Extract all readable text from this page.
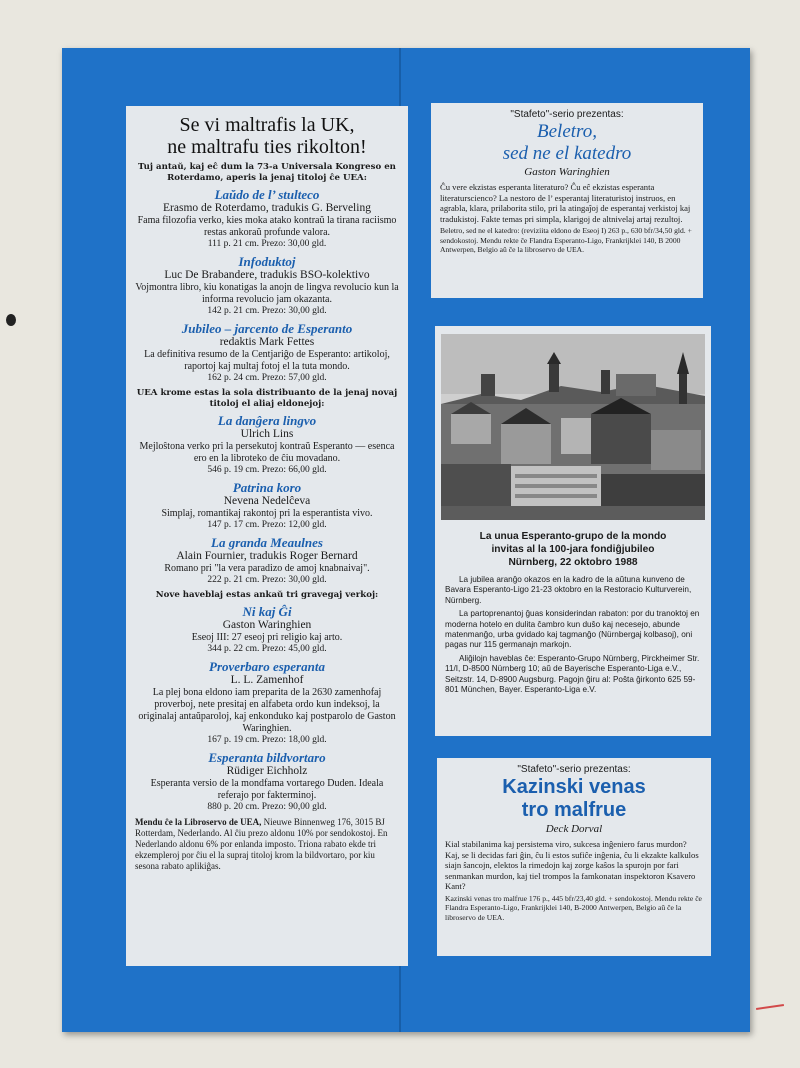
Se vi maltrafis la UK,
ne maltrafu ties rikolton!
Tuj antaŭ, kaj eĉ dum la 73-a Universala Kongreso en Roterdamo, aperis la jenaj titoloj ĉe UEA:
Laŭdo de l’ stulteco
Erasmo de Roterdamo, tradukis G. Berveling
Fama filozofia verko, kies moka atako kontraŭ la tirana raciismo restas ankoraŭ profunde valora.
111 p. 21 cm. Prezo: 30,00 gld.
Infoduktoj
Luc De Brabandere, tradukis BSO-kolektivo
Vojmontra libro, kiu konatigas la anojn de lingva revolucio kun la informa revolucio jam okazanta.
142 p. 21 cm. Prezo: 30,00 gld.
Jubileo – jarcento de Esperanto
redaktis Mark Fettes
La definitiva resumo de la Centjariĝo de Esperanto: artikoloj, raportoj kaj multaj fotoj el la tuta mondo.
162 p. 24 cm. Prezo: 57,00 gld.
UEA krome estas la sola distribuanto de la jenaj novaj titoloj el aliaj eldonejoj:
La danĝera lingvo
Ulrich Lins
Mejloŝtona verko pri la persekutoj kontraŭ Esperanto — esenca ero en la libroteko de ĉiu movadano.
546 p. 19 cm. Prezo: 66,00 gld.
Patrina koro
Nevena Nedelĉeva
Simplaj, romantikaj rakontoj pri la esperantista vivo.
147 p. 17 cm. Prezo: 12,00 gld.
La granda Meaulnes
Alain Fournier, tradukis Roger Bernard
Romano pri "la vera paradizo de amoj knabnaivaj".
222 p. 21 cm. Prezo: 30,00 gld.
Nove haveblaj estas ankaŭ tri gravegaj verkoj:
Ni kaj Ĝi
Gaston Waringhien
Eseoj III: 27 eseoj pri religio kaj arto.
344 p. 22 cm. Prezo: 45,00 gld.
Proverbaro esperanta
L. L. Zamenhof
La plej bona eldono iam preparita de la 2630 zamenhofaj proverboj, nete presitaj en alfabeta ordo kun indeksoj, la originalaj antaŭparoloj, kaj enkonduko kaj postparolo de Gaston Waringhien.
167 p. 19 cm. Prezo: 18,00 gld.
Esperanta bildvortaro
Rüdiger Eichholz
Esperanta versio de la mondfama vortarego Duden. Ideala referajo por fakterminoj.
880 p. 20 cm. Prezo: 90,00 gld.
Mendu ĉe la Libroservo de UEA, Nieuwe Binnenweg 176, 3015 BJ Rotterdam, Nederlando. Al ĉiu prezo aldonu 10% por sendokostoj. En Nederlando aldonu 6% por enlanda imposto. Triona rabato ekde tri ekzempleroj por ĉiu el la supraj titoloj krom la bildvortaro, por kiu sesona rabato aplikiĝas.
"Stafeto"-serio prezentas:
Beletro,
sed ne el katedro
Gaston Waringhien
Ĉu vere ekzistas esperanta literaturo? Ĉu eĉ ekzistas esperanta literaturscienco? La nestoro de l’ esperantaj literaturistoj instruos, en agrabla, klara, prilaborita stilo, pri la atingaĵoj de esperantaj verkistoj kaj tradukistoj. Fakte temas pri simpla, klarigoj de altnivelaj artaj rezultoj.
Beletro, sed ne el katedro: (reviziita eldono de Eseoj I) 263 p., 630 bfr/34,50 gld. + sendokostoj. Mendu rekte ĉe Flandra Esperanto-Ligo, Frankrijklei 140, B 2000 Antwerpen, Belgio aŭ ĉe la libroservo de UEA.
La unua Esperanto-grupo de la mondo
invitas al la 100-jara fondiĝjubileo
Nürnberg, 22 oktobro 1988

La jubilea aranĝo okazos en la kadro de la aŭtuna kunveno de Bavara Esperanto-Ligo 21-23 oktobro en la Restoracio Kulturverein, Nürnberg.

La partoprenantoj ĝuas konsiderindan rabaton: por du tranoktoj en moderna hotelo en dulita ĉambro kun duŝo kaj necesejo, abunde matenmanĝo, urba gvidado kaj tagmanĝo (Nürnbergaj kolbasoj), oni pagas nur 115 germanajn markojn.

Aliĝilojn haveblas ĉe: Esperanto-Grupo Nürnberg, Pirckheimer Str. 11/I, D-8500 Nürnberg 10; aŭ de Bayerische Esperanto-Liga e.V., Seitzstr. 14, D-8900 Augsburg. Pagojn ĝiru al: Poŝta ĝirkonto 625 59-801 München, Bayer. Esperanto-Liga e.V.

"Stafeto"-serio prezentas:
Kazinski venas
tro malfrue
Deck Dorval
Kial stabilanima kaj persistema viro, sukcesa inĝeniero farus murdon? Kaj, se li decidas fari ĝin, ĉu li estos sufiĉe inĝenia, ĉu li ekzakte kalkulos siajn ŝancojn, elektos la rimedojn kaj zorge kaŝos la spurojn por fari senmankan murdon, kaj tiel trompos la famkonatan inspektoron Ksavero Kant?
Kazinski venas tro malfrue 176 p., 445 bfr/23,40 gld. + sendokostoj. Mendu rekte ĉe Flandra Esperanto-Ligo, Frankrijklei 140, B-2000 Antwerpen, Belgio aŭ ĉe la libroservo de UEA.
